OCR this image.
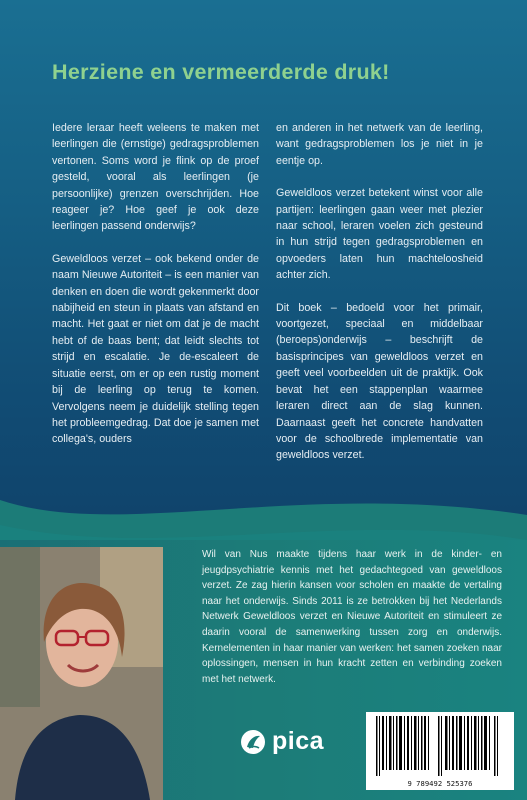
Herziene en vermeerderde druk!

Iedere leraar heeft weleens te maken met leerlingen die (ernstige) gedragsproblemen vertonen. Soms word je flink op de proef gesteld, vooral als leerlingen (je persoonlijke) grenzen overschrijden. Hoe reageer je? Hoe geef je ook deze leerlingen passend onderwijs?

Geweldloos verzet – ook bekend onder de naam Nieuwe Autoriteit – is een manier van denken en doen die wordt gekenmerkt door nabijheid en steun in plaats van afstand en macht. Het gaat er niet om dat je de macht hebt of de baas bent; dat leidt slechts tot strijd en escalatie. Je de-escaleert de situatie eerst, om er op een rustig moment bij de leerling op terug te komen. Vervolgens neem je duidelijk stelling tegen het probleemgedrag. Dat doe je samen met collega's, ouders

en anderen in het netwerk van de leerling, want gedragsproblemen los je niet in je eentje op.

Geweldloos verzet betekent winst voor alle partijen: leerlingen gaan weer met plezier naar school, leraren voelen zich gesteund in hun strijd tegen gedragsproblemen en opvoeders laten hun machteloosheid achter zich.

Dit boek – bedoeld voor het primair, voortgezet, speciaal en middelbaar (beroeps)onderwijs – beschrijft de basisprincipes van geweldloos verzet en geeft veel voorbeelden uit de praktijk. Ook bevat het een stappenplan waarmee leraren direct aan de slag kunnen. Daarnaast geeft het concrete handvatten voor de schoolbrede implementatie van geweldloos verzet.

Wil van Nus maakte tijdens haar werk in de kinder- en jeugdpsychiatrie kennis met het gedachtegoed van geweldloos verzet. Ze zag hierin kansen voor scholen en maakte de vertaling naar het onderwijs. Sinds 2011 is ze betrokken bij het Nederlands Netwerk Geweldloos verzet en Nieuwe Autoriteit en stimuleert ze daarin vooral de samenwerking tussen zorg en onderwijs. Kernelementen in haar manier van werken: het samen zoeken naar oplossingen, mensen in hun kracht zetten en verbinding zoeken met het netwerk.

pica
9 789492 525376
